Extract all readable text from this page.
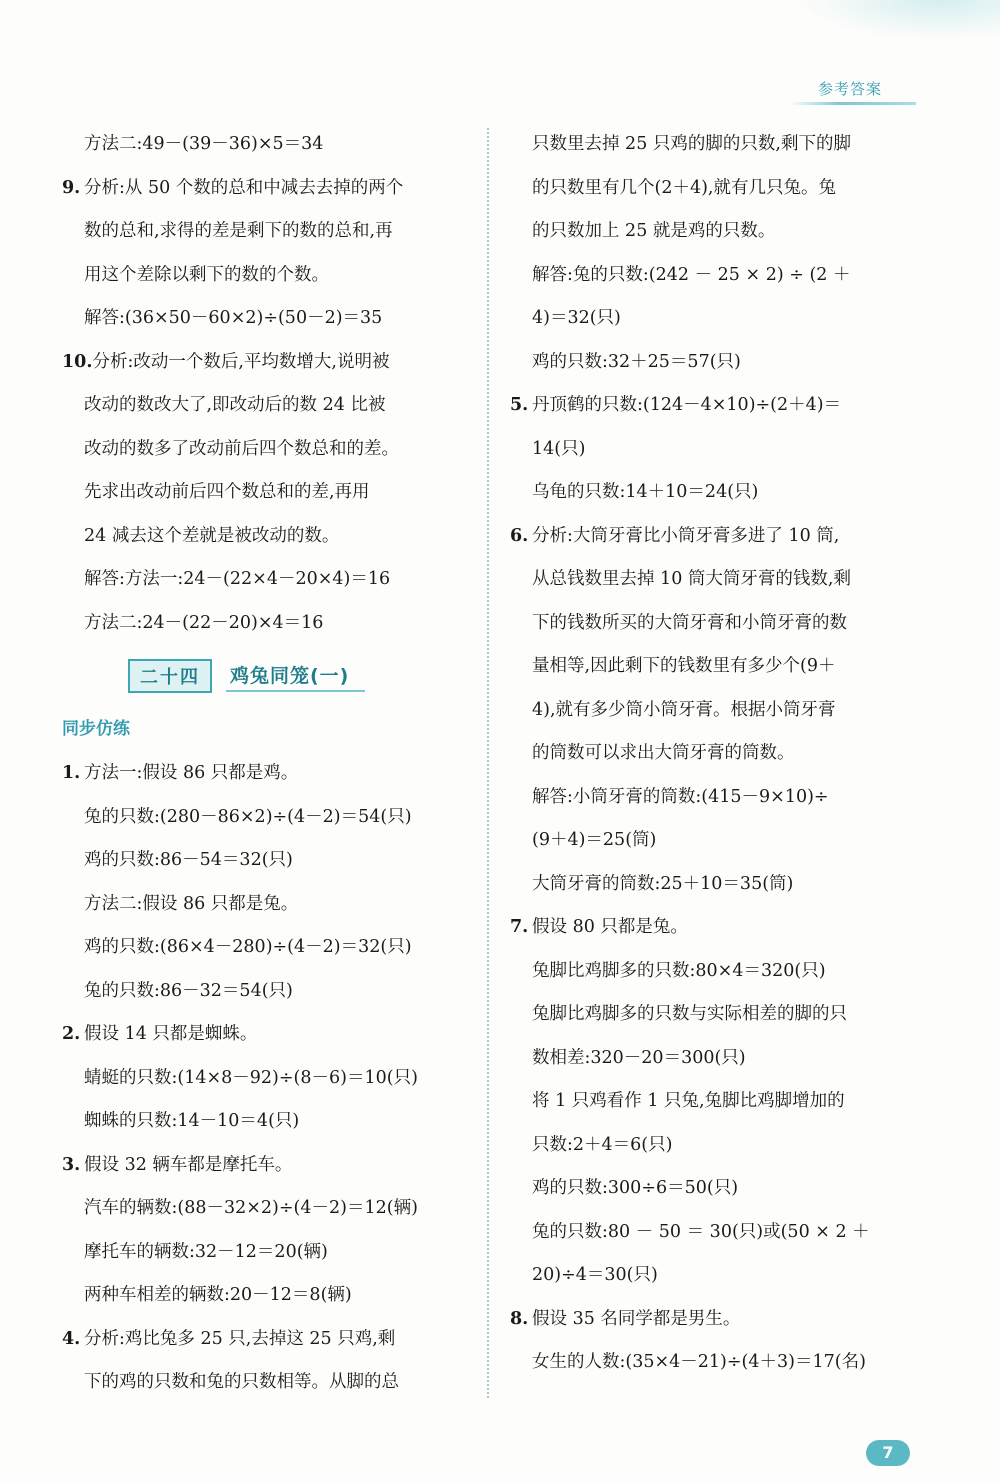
参考答案
方法二:49－(39－36)×5＝34
9. 分析:从 50 个数的总和中减去去掉的两个
数的总和,求得的差是剩下的数的总和,再
用这个差除以剩下的数的个数。
解答:(36×50－60×2)÷(50－2)＝35
10.分析:改动一个数后,平均数增大,说明被
改动的数改大了,即改动后的数 24 比被
改动的数多了改动前后四个数总和的差。
先求出改动前后四个数总和的差,再用
24 减去这个差就是被改动的数。
解答:方法一:24－(22×4－20×4)＝16
方法二:24－(22－20)×4＝16
二十四	鸡兔同笼(一)
同步仿练
1. 方法一:假设 86 只都是鸡。
兔的只数:(280－86×2)÷(4－2)＝54(只)
鸡的只数:86－54＝32(只)
方法二:假设 86 只都是兔。
鸡的只数:(86×4－280)÷(4－2)＝32(只)
兔的只数:86－32＝54(只)
2. 假设 14 只都是蜘蛛。
蜻蜓的只数:(14×8－92)÷(8－6)＝10(只)
蜘蛛的只数:14－10＝4(只)
3. 假设 32 辆车都是摩托车。
汽车的辆数:(88－32×2)÷(4－2)＝12(辆)
摩托车的辆数:32－12＝20(辆)
两种车相差的辆数:20－12＝8(辆)
4. 分析:鸡比兔多 25 只,去掉这 25 只鸡,剩
下的鸡的只数和兔的只数相等。从脚的总
只数里去掉 25 只鸡的脚的只数,剩下的脚
的只数里有几个(2＋4),就有几只兔。兔
的只数加上 25 就是鸡的只数。
解答:兔的只数:(242 － 25 × 2) ÷ (2 ＋
4)＝32(只)
鸡的只数:32＋25＝57(只)
5. 丹顶鹤的只数:(124－4×10)÷(2＋4)＝
14(只)
乌龟的只数:14＋10＝24(只)
6. 分析:大筒牙膏比小筒牙膏多进了 10 筒,
从总钱数里去掉 10 筒大筒牙膏的钱数,剩
下的钱数所买的大筒牙膏和小筒牙膏的数
量相等,因此剩下的钱数里有多少个(9＋
4),就有多少筒小筒牙膏。根据小筒牙膏
的筒数可以求出大筒牙膏的筒数。
解答:小筒牙膏的筒数:(415－9×10)÷
(9＋4)＝25(筒)
大筒牙膏的筒数:25＋10＝35(筒)
7. 假设 80 只都是兔。
兔脚比鸡脚多的只数:80×4＝320(只)
兔脚比鸡脚多的只数与实际相差的脚的只
数相差:320－20＝300(只)
将 1 只鸡看作 1 只兔,兔脚比鸡脚增加的
只数:2＋4＝6(只)
鸡的只数:300÷6＝50(只)
兔的只数:80 － 50 ＝ 30(只)或(50 × 2 ＋
20)÷4＝30(只)
8. 假设 35 名同学都是男生。
女生的人数:(35×4－21)÷(4＋3)＝17(名)
7
